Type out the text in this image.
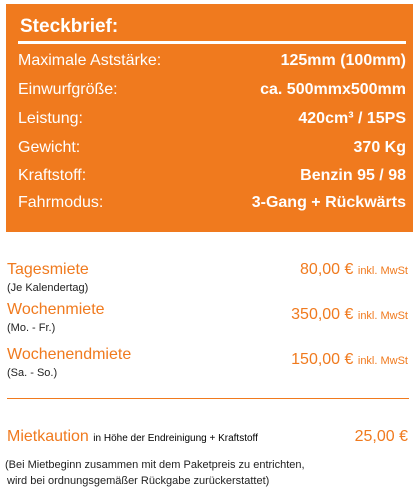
Steckbrief:
Maximale Aststärke:	125mm (100mm)
Einwurfgröße:	ca. 500mmx500mm
Leistung:	420cm³ / 15PS
Gewicht:	370 Kg
Kraftstoff:	Benzin 95 / 98
Fahrmodus:	3-Gang + Rückwärts
Tagesmiete
(Je Kalendertag)
80,00 € inkl. MwSt
Wochenmiete
(Mo. - Fr.)
350,00 € inkl. MwSt
Wochenendmiete
(Sa. - So.)
150,00 € inkl. MwSt
Mietkaution in Höhe der Endreinigung + Kraftstoff	25,00 €
(Bei Mietbeginn zusammen mit dem Paketpreis zu entrichten,
wird bei ordnungsgemäßer Rückgabe zurückerstattet)
